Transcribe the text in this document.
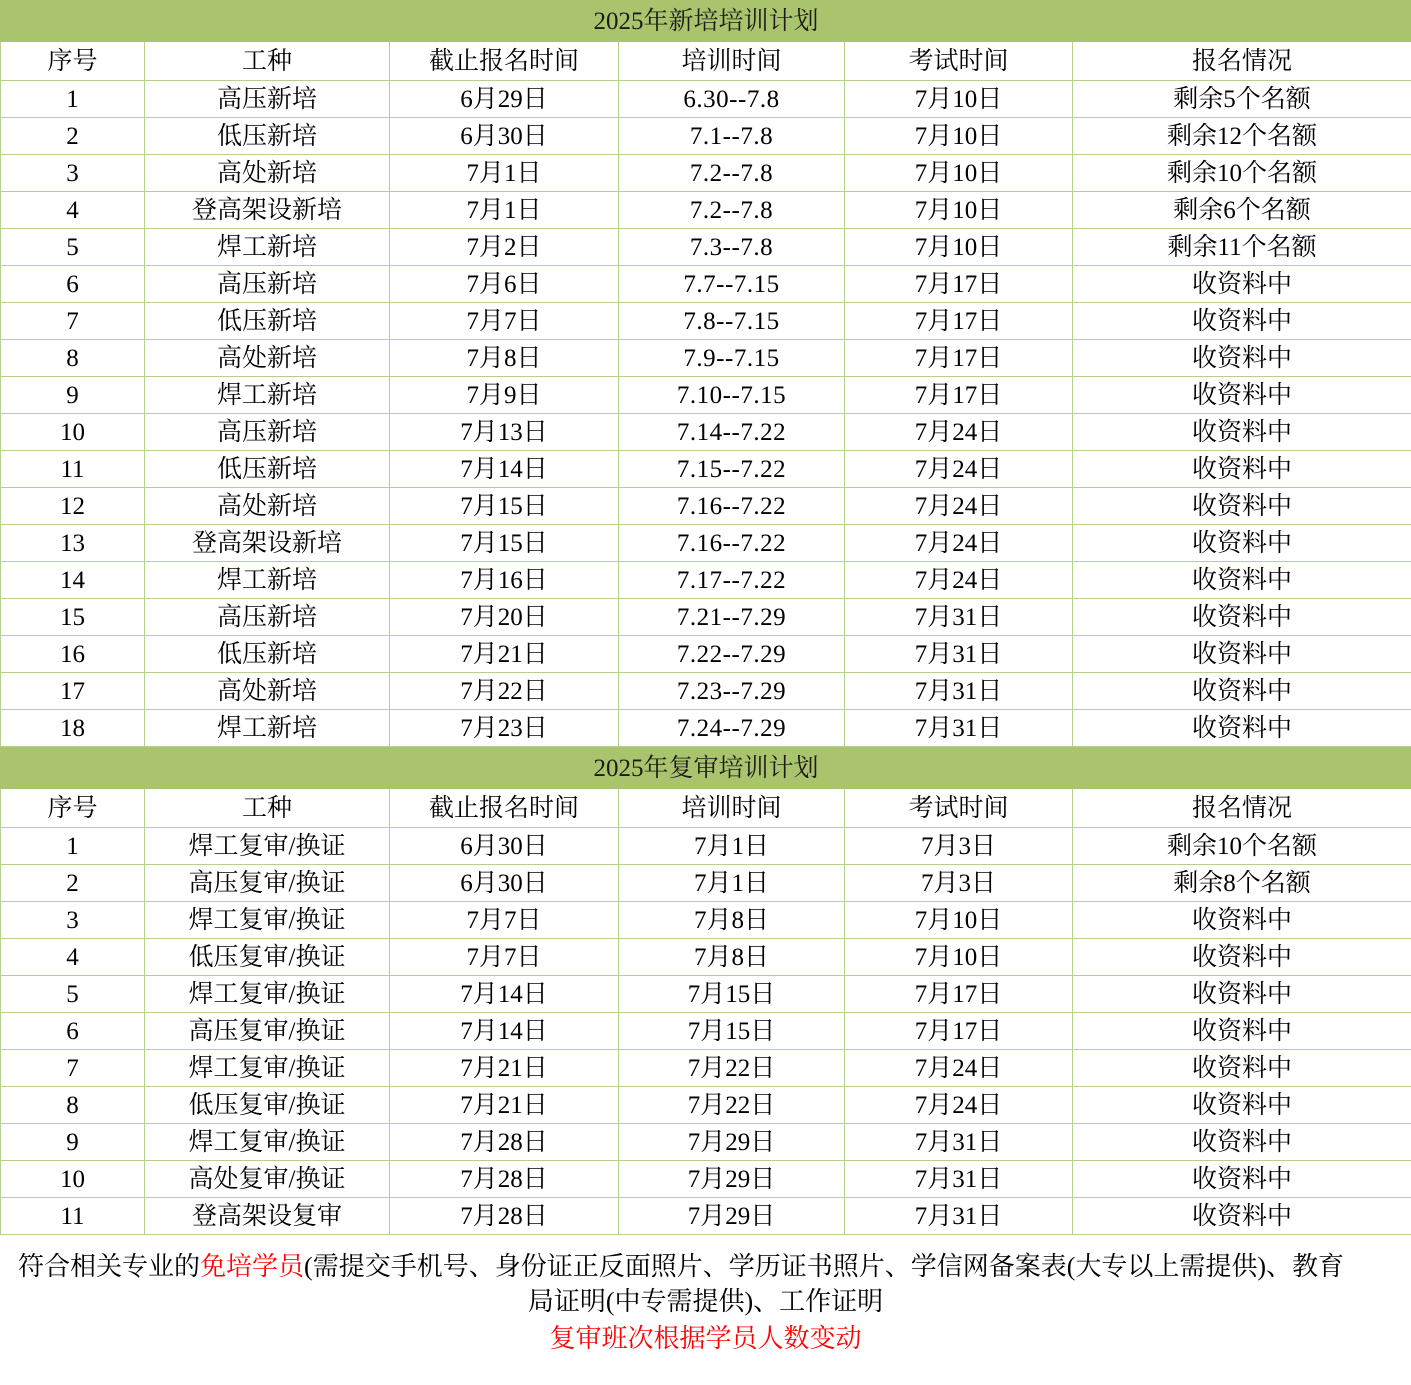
2025年新培培训计划					
序号	工种	截止报名时间	培训时间	考试时间	报名情况
1	高压新培	6月29日	6.30--7.8	7月10日	剩余5个名额
2	低压新培	6月30日	7.1--7.8	7月10日	剩余12个名额
3	高处新培	7月1日	7.2--7.8	7月10日	剩余10个名额
4	登高架设新培	7月1日	7.2--7.8	7月10日	剩余6个名额
5	焊工新培	7月2日	7.3--7.8	7月10日	剩余11个名额
6	高压新培	7月6日	7.7--7.15	7月17日	收资料中
7	低压新培	7月7日	7.8--7.15	7月17日	收资料中
8	高处新培	7月8日	7.9--7.15	7月17日	收资料中
9	焊工新培	7月9日	7.10--7.15	7月17日	收资料中
10	高压新培	7月13日	7.14--7.22	7月24日	收资料中
11	低压新培	7月14日	7.15--7.22	7月24日	收资料中
12	高处新培	7月15日	7.16--7.22	7月24日	收资料中
13	登高架设新培	7月15日	7.16--7.22	7月24日	收资料中
14	焊工新培	7月16日	7.17--7.22	7月24日	收资料中
15	高压新培	7月20日	7.21--7.29	7月31日	收资料中
16	低压新培	7月21日	7.22--7.29	7月31日	收资料中
17	高处新培	7月22日	7.23--7.29	7月31日	收资料中
18	焊工新培	7月23日	7.24--7.29	7月31日	收资料中
2025年复审培训计划					
序号	工种	截止报名时间	培训时间	考试时间	报名情况
1	焊工复审/换证	6月30日	7月1日	7月3日	剩余10个名额
2	高压复审/换证	6月30日	7月1日	7月3日	剩余8个名额
3	焊工复审/换证	7月7日	7月8日	7月10日	收资料中
4	低压复审/换证	7月7日	7月8日	7月10日	收资料中
5	焊工复审/换证	7月14日	7月15日	7月17日	收资料中
6	高压复审/换证	7月14日	7月15日	7月17日	收资料中
7	焊工复审/换证	7月21日	7月22日	7月24日	收资料中
8	低压复审/换证	7月21日	7月22日	7月24日	收资料中
9	焊工复审/换证	7月28日	7月29日	7月31日	收资料中
10	高处复审/换证	7月28日	7月29日	7月31日	收资料中
11	登高架设复审	7月28日	7月29日	7月31日	收资料中
符合相关专业的免培学员(需提交手机号、身份证正反面照片、学历证书照片、学信网备案表(大专以上需提供)、教育
局证明(中专需提供)、工作证明
复审班次根据学员人数变动
